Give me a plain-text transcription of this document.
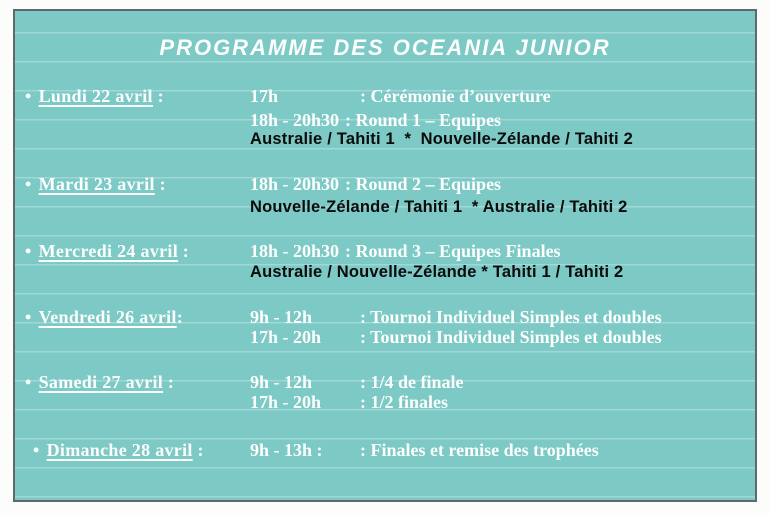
PROGRAMME DES OCEANIA JUNIOR
• Lundi 22 avril :	17h	: Cérémonie d’ouverture
18h - 20h30 : Round 1 – Equipes
Australie / Tahiti 1  *  Nouvelle-Zélande / Tahiti 2
• Mardi 23 avril :	18h - 20h30 : Round 2 – Equipes
Nouvelle-Zélande / Tahiti 1  * Australie / Tahiti 2
• Mercredi 24 avril :	18h - 20h30 : Round 3 – Equipes Finales
Australie / Nouvelle-Zélande * Tahiti 1 / Tahiti 2
• Vendredi 26 avril:	9h - 12h	: Tournoi Individuel Simples et doubles
17h - 20h : Tournoi Individuel Simples et doubles
• Samedi 27 avril :	9h - 12h	: 1/4 de finale
17h - 20h : 1/2 finales
• Dimanche 28 avril :	9h - 13h : : Finales et remise des trophées
